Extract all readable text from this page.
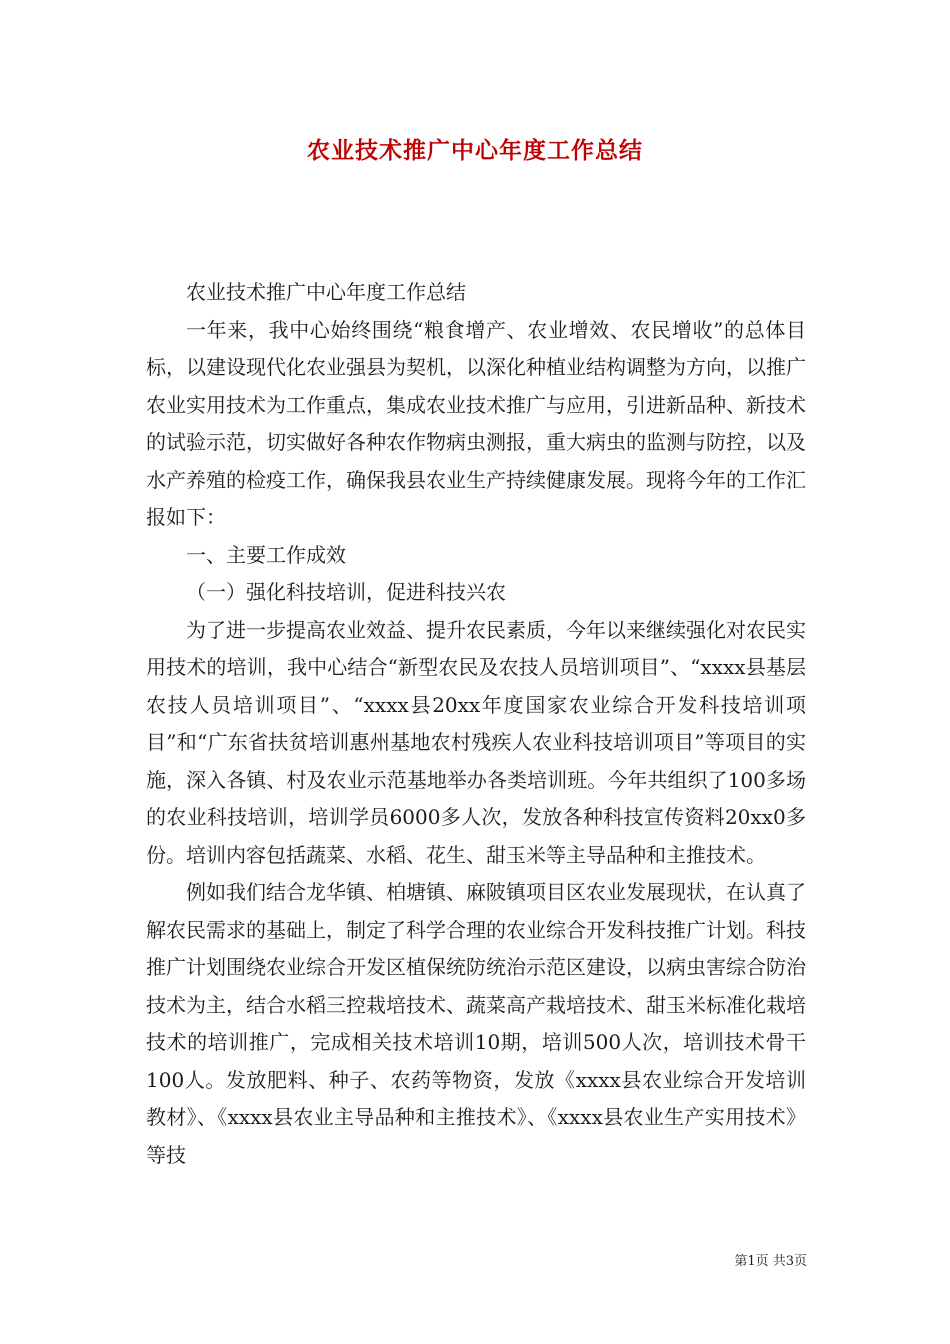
农业技术推广中心年度工作总结

农业技术推广中心年度工作总结

一年来，我中心始终围绕“粮食增产、农业增效、农民增收”的总体目标，以建设现代化农业强县为契机，以深化种植业结构调整为方向，以推广农业实用技术为工作重点，集成农业技术推广与应用，引进新品种、新技术的试验示范，切实做好各种农作物病虫测报，重大病虫的监测与防控，以及水产养殖的检疫工作，确保我县农业生产持续健康发展。现将今年的工作汇报如下：

一、主要工作成效

（一）强化科技培训，促进科技兴农

为了进一步提高农业效益、提升农民素质，今年以来继续强化对农民实用技术的培训，我中心结合“新型农民及农技人员培训项目”、“xxxx县基层农技人员培训项目”、“xxxx县20xx年度国家农业综合开发科技培训项目”和“广东省扶贫培训惠州基地农村残疾人农业科技培训项目”等项目的实施，深入各镇、村及农业示范基地举办各类培训班。今年共组织了100多场的农业科技培训，培训学员6000多人次，发放各种科技宣传资料20xx0多份。培训内容包括蔬菜、水稻、花生、甜玉米等主导品种和主推技术。

例如我们结合龙华镇、柏塘镇、麻陂镇项目区农业发展现状，在认真了解农民需求的基础上，制定了科学合理的农业综合开发科技推广计划。科技推广计划围绕农业综合开发区植保统防统治示范区建设，以病虫害综合防治技术为主，结合水稻三控栽培技术、蔬菜高产栽培技术、甜玉米标准化栽培技术的培训推广，完成相关技术培训10期，培训500人次，培训技术骨干100人。发放肥料、种子、农药等物资，发放《xxxx县农业综合开发培训教材》、《xxxx县农业主导品种和主推技术》、《xxxx县农业生产实用技术》等技

第1页 共3页
